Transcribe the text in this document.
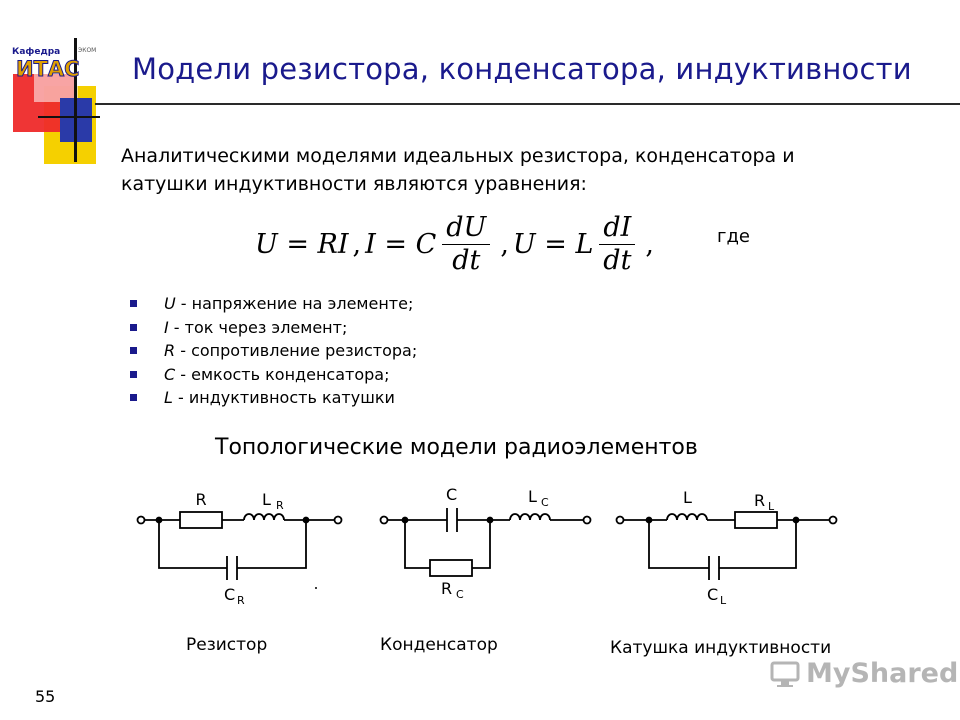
Кафедра	ЭКОМ
ИТАС Модели резистора, конденсатора, индуктивности
Аналитическими моделями идеальных резистора, конденсатора и катушки индуктивности являются уравнения:
U = RI , I = C $\frac{dU}{dt}$ , U = L $\frac{dI}{dt}$ ,	где
U - напряжение на элементе;
I - ток через элемент;
R - сопротивление резистора;
C - емкость конденсатора;
L - индуктивность катушки
Топологические модели радиоэлементов
R	L R
C R
C	L C
R C
L	R L
C L
Резистор	Конденсатор	Катушка индуктивности
55
MyShared
